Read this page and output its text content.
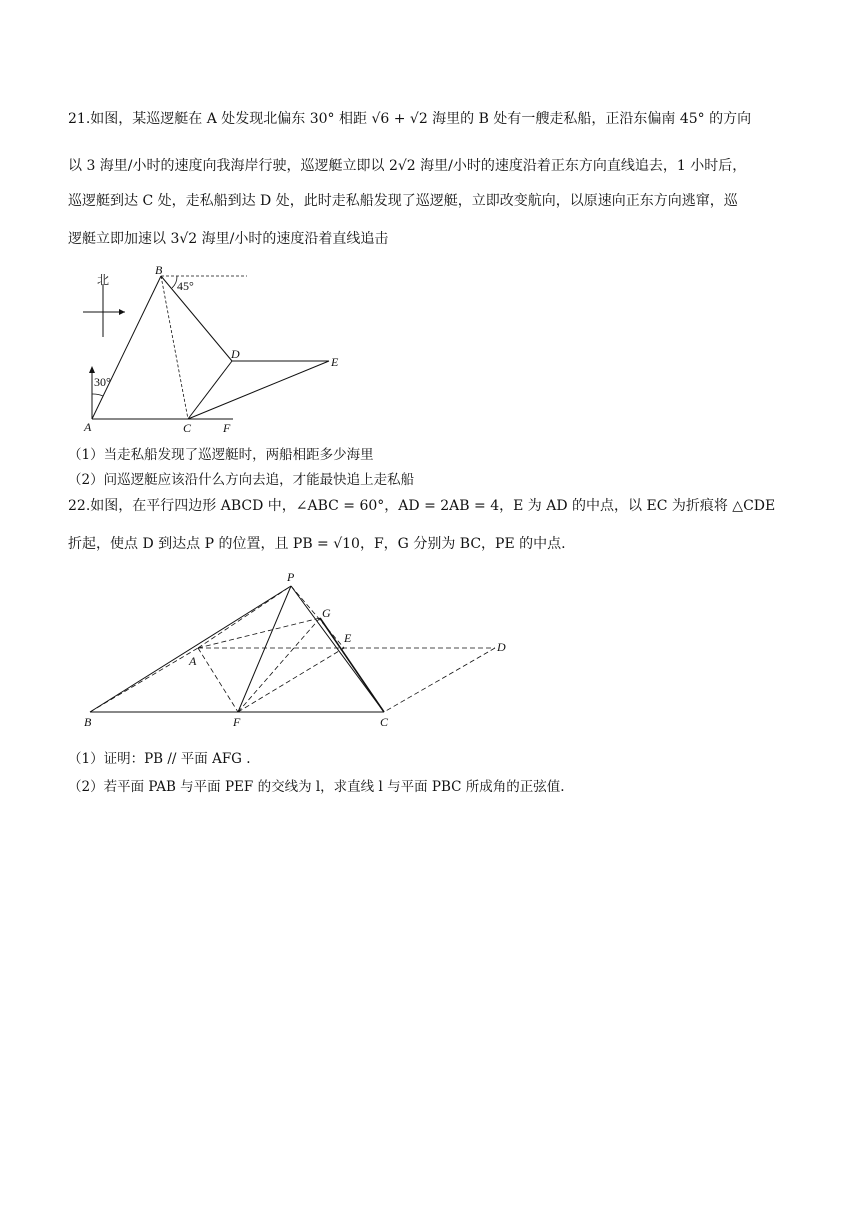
21.如图，某巡逻艇在 A 处发现北偏东 30° 相距 √6 + √2 海里的 B 处有一艘走私船，正沿东偏南 45° 的方向
以 3 海里/小时的速度向我海岸行驶，巡逻艇立即以 2√2 海里/小时的速度沿着正东方向直线追去，1 小时后，
巡逻艇到达 C 处，走私船到达 D 处，此时走私船发现了巡逻艇，立即改变航向，以原速向正东方向逃窜，巡
逻艇立即加速以 3√2 海里/小时的速度沿着直线追击
北	45°
30°
B
A	C
D
E
F
（1）当走私船发现了巡逻艇时，两船相距多少海里
（2）问巡逻艇应该沿什么方向去追，才能最快追上走私船
22.如图，在平行四边形 ABCD 中，∠ABC = 60°，AD = 2AB = 4，E 为 AD 的中点，以 EC 为折痕将 △CDE
折起，使点 D 到达点 P 的位置，且 PB = √10，F，G 分别为 BC，PE 的中点.
P
G
E
D
A
B	F	C
（1）证明：PB // 平面 AFG .
（2）若平面 PAB 与平面 PEF 的交线为 l，求直线 l 与平面 PBC 所成角的正弦值.
